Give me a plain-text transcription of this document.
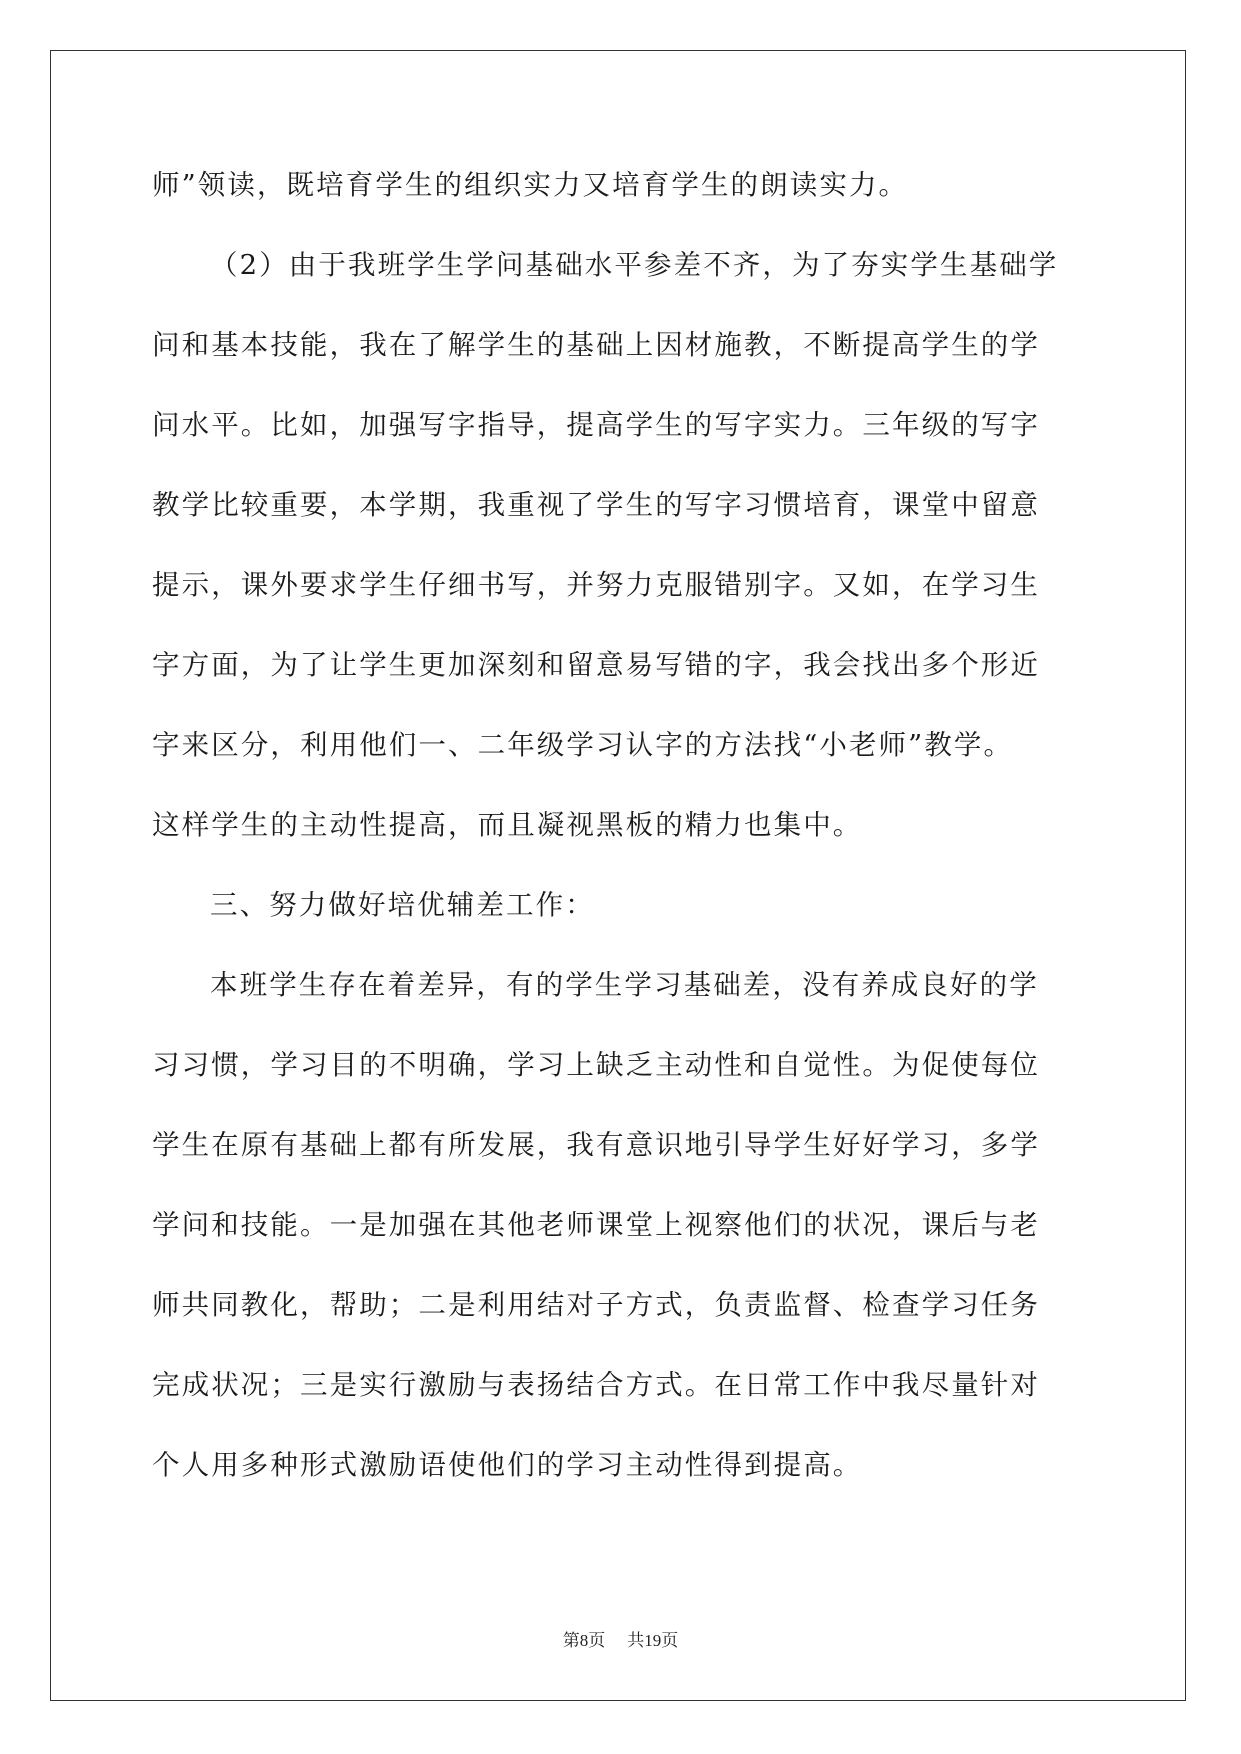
师”领读，既培育学生的组织实力又培育学生的朗读实力。
（2）由于我班学生学问基础水平参差不齐，为了夯实学生基础学
问和基本技能，我在了解学生的基础上因材施教，不断提高学生的学
问水平。比如，加强写字指导，提高学生的写字实力。三年级的写字
教学比较重要，本学期，我重视了学生的写字习惯培育，课堂中留意
提示，课外要求学生仔细书写，并努力克服错别字。又如，在学习生
字方面，为了让学生更加深刻和留意易写错的字，我会找出多个形近
字来区分，利用他们一、二年级学习认字的方法找“小老师”教学。
这样学生的主动性提高，而且凝视黑板的精力也集中。
三、努力做好培优辅差工作：
本班学生存在着差异，有的学生学习基础差，没有养成良好的学
习习惯，学习目的不明确，学习上缺乏主动性和自觉性。为促使每位
学生在原有基础上都有所发展，我有意识地引导学生好好学习，多学
学问和技能。一是加强在其他老师课堂上视察他们的状况，课后与老
师共同教化，帮助；二是利用结对子方式，负责监督、检查学习任务
完成状况；三是实行激励与表扬结合方式。在日常工作中我尽量针对
个人用多种形式激励语使他们的学习主动性得到提高。
第8页 共19页
